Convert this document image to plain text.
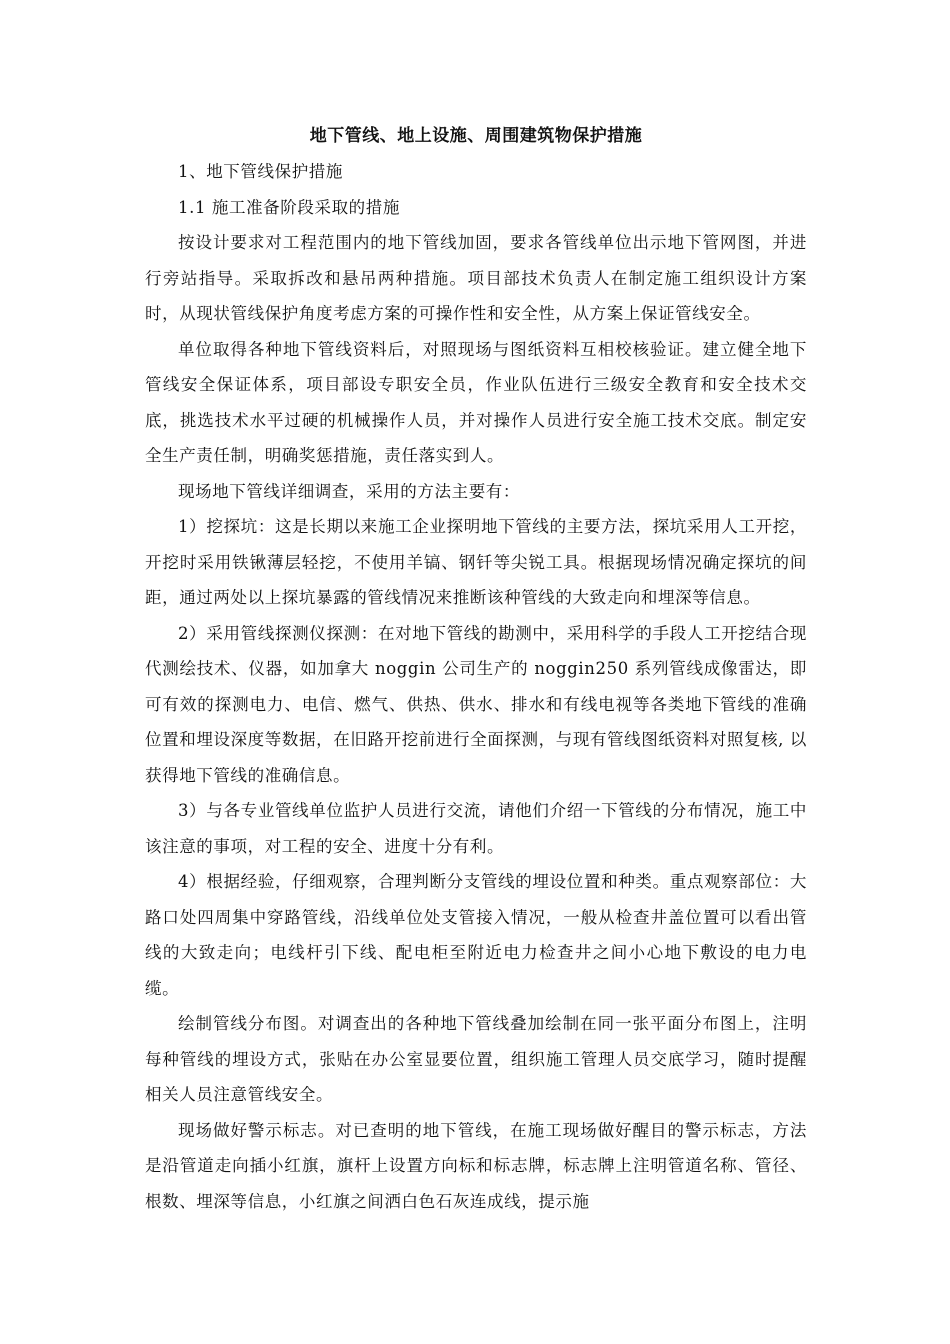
地下管线、地上设施、周围建筑物保护措施

1、地下管线保护措施

1.1 施工准备阶段采取的措施

按设计要求对工程范围内的地下管线加固，要求各管线单位出示地下管网图，并进行旁站指导。采取拆改和悬吊两种措施。项目部技术负责人在制定施工组织设计方案时，从现状管线保护角度考虑方案的可操作性和安全性，从方案上保证管线安全。

单位取得各种地下管线资料后，对照现场与图纸资料互相校核验证。建立健全地下管线安全保证体系，项目部设专职安全员，作业队伍进行三级安全教育和安全技术交底，挑选技术水平过硬的机械操作人员，并对操作人员进行安全施工技术交底。制定安全生产责任制，明确奖惩措施，责任落实到人。

现场地下管线详细调查，采用的方法主要有：

1）挖探坑：这是长期以来施工企业探明地下管线的主要方法，探坑采用人工开挖，开挖时采用铁锹薄层轻挖，不使用羊镐、钢钎等尖锐工具。根据现场情况确定探坑的间距，通过两处以上探坑暴露的管线情况来推断该种管线的大致走向和埋深等信息。

2）采用管线探测仪探测：在对地下管线的勘测中，采用科学的手段人工开挖结合现代测绘技术、仪器，如加拿大 noggin 公司生产的 noggin250 系列管线成像雷达，即可有效的探测电力、电信、燃气、供热、供水、排水和有线电视等各类地下管线的准确位置和埋设深度等数据，在旧路开挖前进行全面探测，与现有管线图纸资料对照复核, 以获得地下管线的准确信息。

3）与各专业管线单位监护人员进行交流，请他们介绍一下管线的分布情况，施工中该注意的事项，对工程的安全、进度十分有利。

4）根据经验，仔细观察，合理判断分支管线的埋设位置和种类。重点观察部位：大路口处四周集中穿路管线，沿线单位处支管接入情况，一般从检查井盖位置可以看出管线的大致走向；电线杆引下线、配电柜至附近电力检查井之间小心地下敷设的电力电缆。

绘制管线分布图。对调查出的各种地下管线叠加绘制在同一张平面分布图上，注明每种管线的埋设方式，张贴在办公室显要位置，组织施工管理人员交底学习，随时提醒相关人员注意管线安全。

现场做好警示标志。对已查明的地下管线，在施工现场做好醒目的警示标志，方法是沿管道走向插小红旗，旗杆上设置方向标和标志牌，标志牌上注明管道名称、管径、根数、埋深等信息，小红旗之间洒白色石灰连成线，提示施
